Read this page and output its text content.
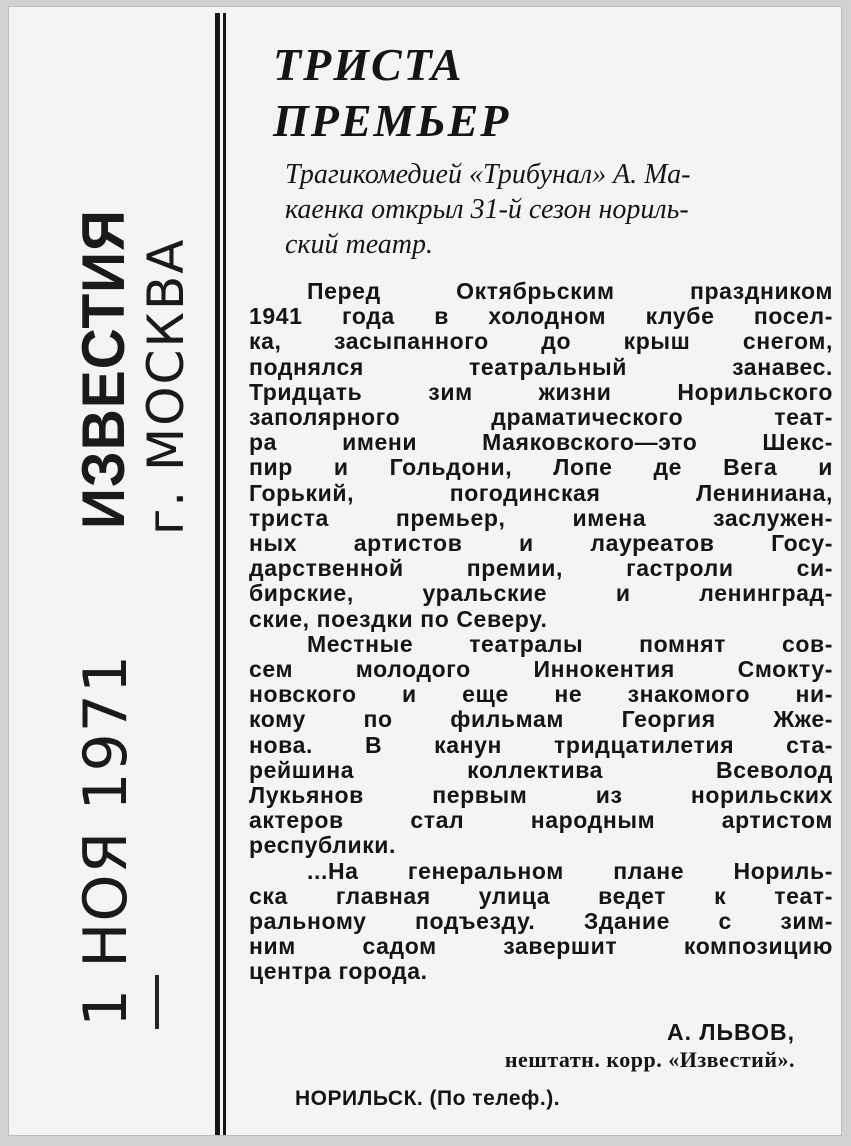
ИЗВЕСТИЯ г. МОСКВА
1 НОЯ 1971
ТРИСТА
ПРЕМЬЕР
Трагикомедией «Трибунал» А. Ма-
каенка открыл 31-й сезон нориль-
ский театр.
Перед Октябрьским праздником
1941 года в холодном клубе посел-
ка, засыпанного до крыш снегом,
поднялся театральный занавес.
Тридцать зим жизни Норильского
заполярного драматического теат-
ра имени Маяковского—это Шекс-
пир и Гольдони, Лопе де Вега и
Горький, погодинская Лениниана,
триста премьер, имена заслужен-
ных артистов и лауреатов Госу-
дарственной премии, гастроли си-
бирские, уральские и ленинград-
ские, поездки по Северу.
Местные театралы помнят сов-
сем молодого Иннокентия Смокту-
новского и еще не знакомого ни-
кому по фильмам Георгия Жже-
нова. В канун тридцатилетия ста-
рейшина коллектива Всеволод
Лукьянов первым из норильских
актеров стал народным артистом
республики.
...На генеральном плане Нориль-
ска главная улица ведет к теат-
ральному подъезду. Здание с зим-
ним садом завершит композицию
центра города.
А. ЛЬВОВ,
нештатн. корр. «Известий».
НОРИЛЬСК. (По телеф.).
